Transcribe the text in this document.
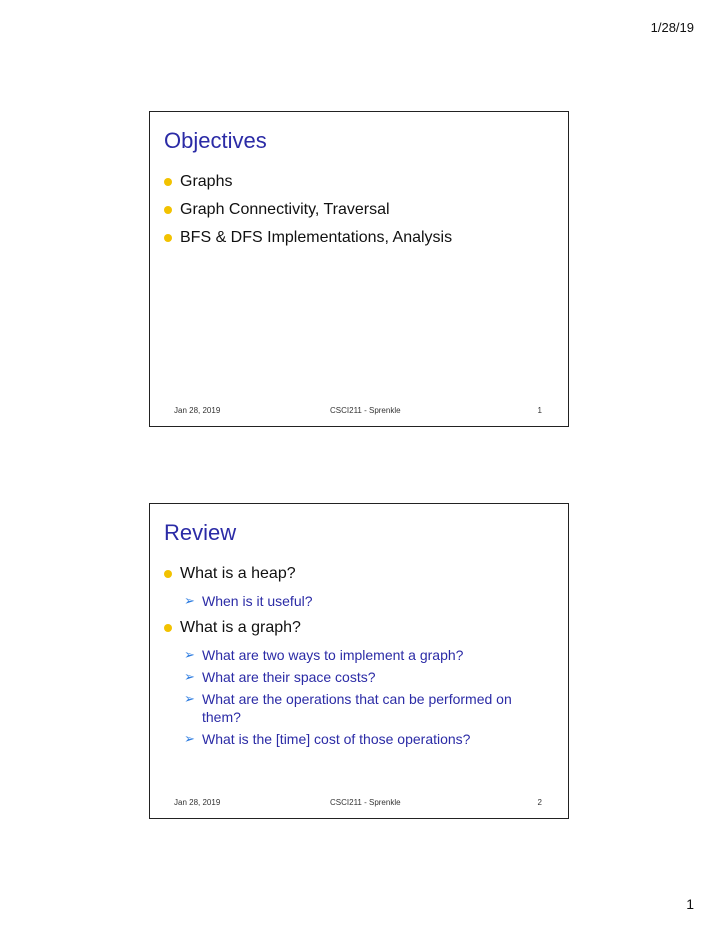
1/28/19
Objectives
Graphs
Graph Connectivity, Traversal
BFS & DFS Implementations, Analysis
Jan 28, 2019	CSCI211 - Sprenkle	1
Review
What is a heap?
➢ When is it useful?
What is a graph?
➢ What are two ways to implement a graph?
➢ What are their space costs?
➢ What are the operations that can be performed on them?
➢ What is the [time] cost of those operations?
Jan 28, 2019	CSCI211 - Sprenkle	2
1
